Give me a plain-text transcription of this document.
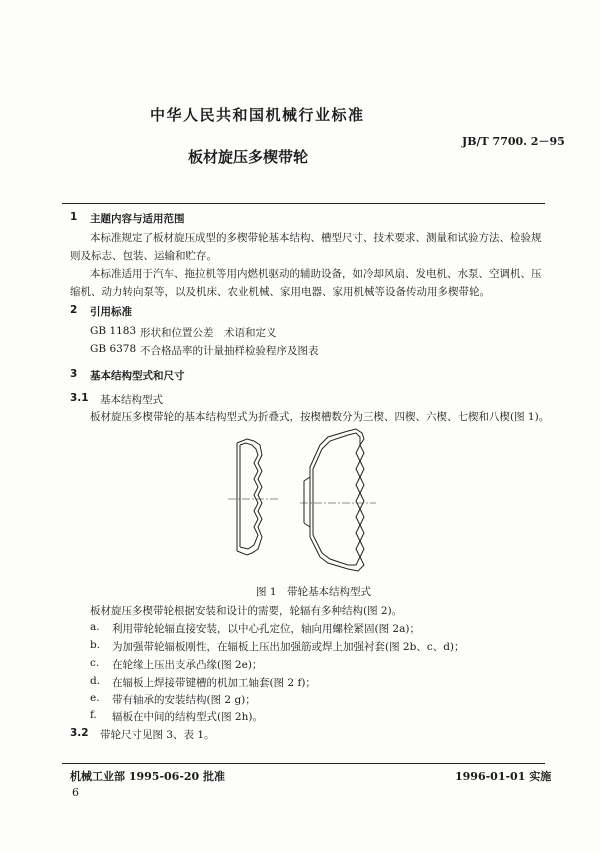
中华人民共和国机械行业标准
JB/T 7700. 2－95
板材旋压多楔带轮
1 主题内容与适用范围
本标准规定了板材旋压成型的多楔带轮基本结构、槽型尺寸、技术要求、测量和试验方法、检验规则及标志、包装、运输和贮存。
本标准适用于汽车、拖拉机等用内燃机驱动的辅助设备，如冷却风扇、发电机、水泵、空调机、压缩机、动力转向泵等，以及机床、农业机械、家用电器、家用机械等设备传动用多楔带轮。
2 引用标准
GB 1183 形状和位置公差　术语和定义
GB 6378 不合格品率的计量抽样检验程序及图表
3 基本结构型式和尺寸
3.1 基本结构型式
板材旋压多楔带轮的基本结构型式为折叠式，按楔槽数分为三楔、四楔、六楔、七楔和八楔(图 1)。
图 1　带轮基本结构型式
板材旋压多楔带轮根据安装和设计的需要，轮辐有多种结构(图 2)。
a. 利用带轮轮辐直接安装，以中心孔定位，轴向用螺栓紧固(图 2a)；
b. 为加强带轮辐板刚性，在辐板上压出加强筋或焊上加强衬套(图 2b、c、d)；
c. 在轮缘上压出支承凸缘(图 2e)；
d. 在辐板上焊接带键槽的机加工轴套(图 2 f)；
e. 带有轴承的安装结构(图 2 g)；
f. 辐板在中间的结构型式(图 2h)。
3.2 带轮尺寸见图 3、表 1。
机械工业部 1995-06-20 批准	1996-01-01 实施
6
